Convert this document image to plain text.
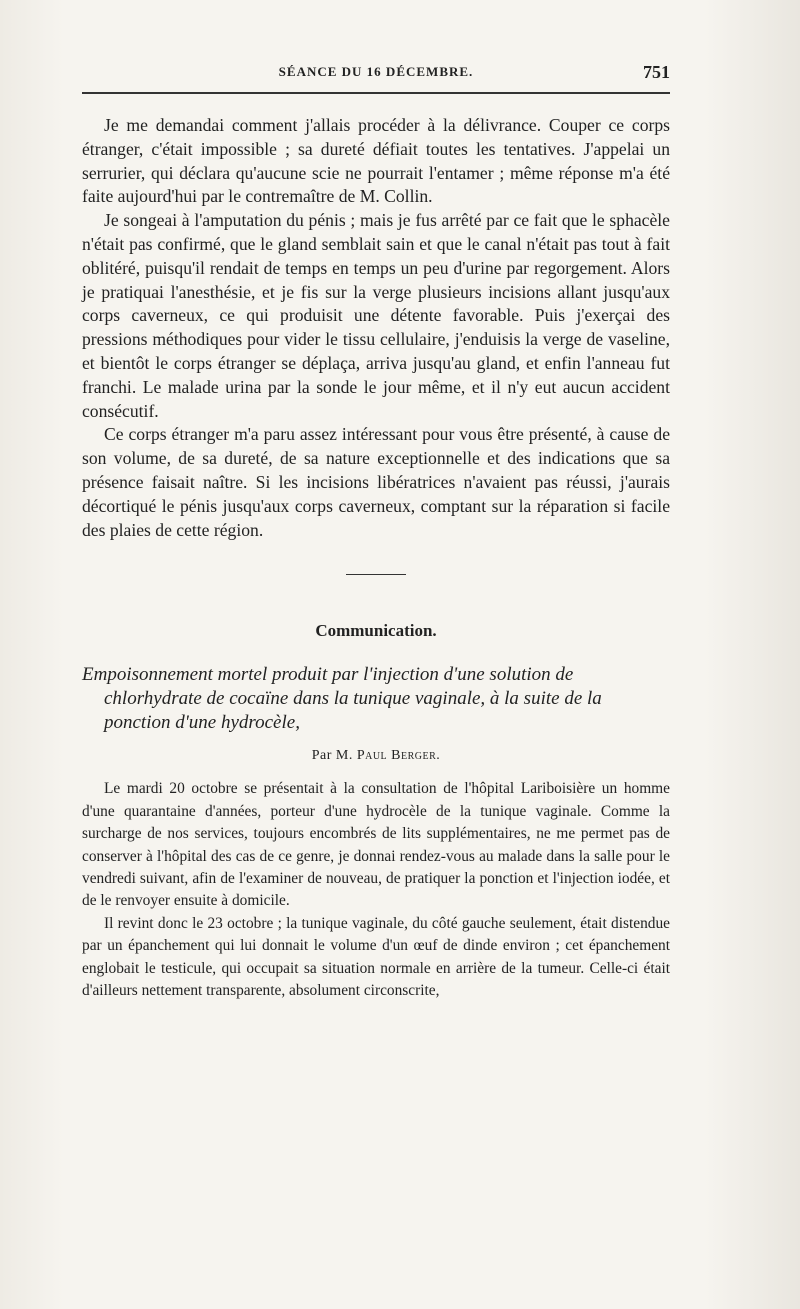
SÉANCE DU 16 DÉCEMBRE.	751

Je me demandai comment j'allais procéder à la délivrance. Couper ce corps étranger, c'était impossible ; sa dureté défiait toutes les tentatives. J'appelai un serrurier, qui déclara qu'aucune scie ne pourrait l'entamer ; même réponse m'a été faite aujourd'hui par le contremaître de M. Collin.

Je songeai à l'amputation du pénis ; mais je fus arrêté par ce fait que le sphacèle n'était pas confirmé, que le gland semblait sain et que le canal n'était pas tout à fait oblitéré, puisqu'il rendait de temps en temps un peu d'urine par regorgement. Alors je pratiquai l'anesthésie, et je fis sur la verge plusieurs incisions allant jusqu'aux corps caverneux, ce qui produisit une détente favorable. Puis j'exerçai des pressions méthodiques pour vider le tissu cellulaire, j'enduisis la verge de vaseline, et bientôt le corps étranger se déplaça, arriva jusqu'au gland, et enfin l'anneau fut franchi. Le malade urina par la sonde le jour même, et il n'y eut aucun accident consécutif.

Ce corps étranger m'a paru assez intéressant pour vous être présenté, à cause de son volume, de sa dureté, de sa nature exceptionnelle et des indications que sa présence faisait naître. Si les incisions libératrices n'avaient pas réussi, j'aurais décortiqué le pénis jusqu'aux corps caverneux, comptant sur la réparation si facile des plaies de cette région.

Communication.
Empoisonnement mortel produit par l'injection d'une solution de chlorhydrate de cocaïne dans la tunique vaginale, à la suite de la ponction d'une hydrocèle,
Par M. Paul Berger.

Le mardi 20 octobre se présentait à la consultation de l'hôpital Lariboisière un homme d'une quarantaine d'années, porteur d'une hydrocèle de la tunique vaginale. Comme la surcharge de nos services, toujours encombrés de lits supplémentaires, ne me permet pas de conserver à l'hôpital des cas de ce genre, je donnai rendez-vous au malade dans la salle pour le vendredi suivant, afin de l'examiner de nouveau, de pratiquer la ponction et l'injection iodée, et de le renvoyer ensuite à domicile.

Il revint donc le 23 octobre ; la tunique vaginale, du côté gauche seulement, était distendue par un épanchement qui lui donnait le volume d'un œuf de dinde environ ; cet épanchement englobait le testicule, qui occupait sa situation normale en arrière de la tumeur. Celle-ci était d'ailleurs nettement transparente, absolument circonscrite,
